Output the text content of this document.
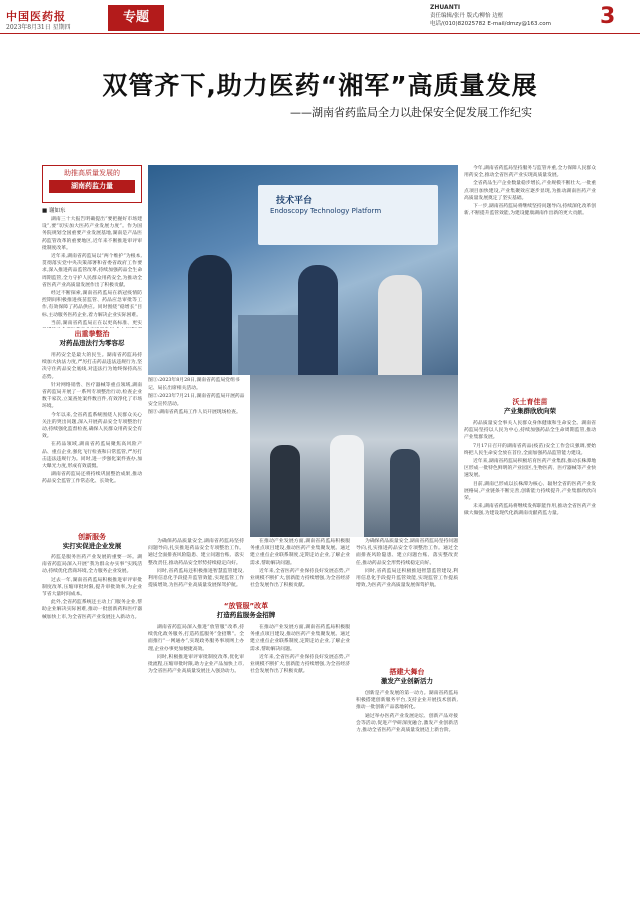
中国医药报
2023年8月31日 星期四
专题
ZHUANTI
责任编辑/张丹 版式/柳怡 边框
电话/(010)82025782 E-mail/dmzy@163.com 3
双管齐下,助力医药“湘军”高质量发展
——湖南省药监局全力以赴保安全促发展工作纪实
助推高质量发展的
湖南药监力量
■ 谢如东

湖南三十大报告明确提出“要把握好市场建设”,要“切实加大医药产业发展力度”。作为国务院规划全国重要产业发展基地,湖南是产品医药监管改革的重要地区,近年来不断推进审评审批制度改革。

近年来,湖南省药监局以“两个维护”为根本,贯彻落实党中央决策部署和省委省政府工作要求,深入推进药品监管改革,持续加强药品全生命周期监管,全力守护人民群众用药安全,为推动全省医药产业高质量发展作出了积极贡献。

经过不断探索,湖南省药监局在新冠疫情防控期间积极推进疫苗监管、药品应急审批等工作,有效保障了药品供应。同时围绕“稳增长”目标,主动服务医药企业,着力解决企业实际困难。

当前,湖南省药监局正在以更高标准、更实

出重拳整治
对药品违法行为零容忍

用药安全是最大的民生。湖南省药监局持续加大执法力度,严厉打击药品违法违规行为,坚决守住药品安全底线,对违法行为始终保持高压态势。

针对网络销售、医疗器械等重点领域,湖南省药监局开展了一系列专项整治行动,检查企业数千家次,立案查处案件数百件,有效净化了市场环境。

今年以来,全省药监系统围绕人民群众关心关注的突出问题,深入开展药品安全专项整治行动,持续强化监督检查,确保人民群众用药安全有效。

在药品领域,湖南省药监局聚焦高风险产品、重点企业,强化飞行检查和日常监管,严厉打击违法违规行为。同时,进一步强化案件查办,加大曝光力度,形成有效震慑。

湖南省药监局还将持续巩固整治成果,推动药品安全监管工作常态化、长效化。

创新服务
实打实促进企业发展

药监是服务医药产业发展的重要一环。湖南省药监局深入开展“我为群众办实事”实践活动,持续优化营商环境,全力服务企业发展。

过去一年,湖南省药监局积极推进审评审批制度改革,压缩审批时限,提升审批效率,为企业节省大量时间成本。

此外,全省药监系统还主动上门服务企业,帮助企业解决实际困难,推动一批创新药和医疗器械加快上市,为全省医药产业发展注入新动力。

技术平台
Endoscopy Technology Platform

图①:2023年8月28日,湖南省药监局党组书记、局长出席相关活动。

图②:2023年7月21日,湖南省药监局开展药品安全宣传活动。

图③:湖南省药监局工作人员开展现场检查。

为确保药品质量安全,湖南省药监局坚持问题导向,扎实推进药品安全专项整治工作。通过全面排查风险隐患、建立问题台账、落实整改责任,推动药品安全形势持续稳定向好。

同时,省药监局还积极推进智慧监管建设,利用信息化手段提升监管效能,实现监管工作提质增效,为医药产业高质量发展保驾护航。

在推动产业发展方面,湖南省药监局积极服务重点项目建设,推动医药产业集聚发展。通过建立重点企业联系制度,定期走访企业,了解企业需求,帮助解决问题。

近年来,全省医药产业保持良好发展态势,产业规模不断扩大,创新能力持续增强,为全省经济社会发展作出了积极贡献。

为确保药品质量安全,湖南省药监局坚持问题导向,扎实推进药品安全专项整治工作。通过全面排查风险隐患、建立问题台账、落实整改责任,推动药品安全形势持续稳定向好。

同时,省药监局还积极推进智慧监管建设,利用信息化手段提升监管效能,实现监管工作提质增效,为医药产业高质量发展保驾护航。

“放管服”改革
打造药监服务金招牌

湖南省药监局深入推进“放管服”改革,持续优化政务服务,打造药监服务“金招牌”。全面推行“一网通办”,实现政务服务事项网上办理,企业办事更加便捷高效。

同时,积极推进审评审批制度改革,优化审批流程,压缩审批时限,助力企业产品加快上市,为全省医药产业高质量发展注入强劲动力。

在推动产业发展方面,湖南省药监局积极服务重点项目建设,推动医药产业集聚发展。通过建立重点企业联系制度,定期走访企业,了解企业需求,帮助解决问题。

近年来,全省医药产业保持良好发展态势,产业规模不断扩大,创新能力持续增强,为全省经济社会发展作出了积极贡献。	搭建大舞台
激发产业创新活力

创新是产业发展的第一动力。湖南省药监局积极搭建创新服务平台,支持企业开展技术创新,推动一批创新产品落地转化。

通过举办医药产业发展论坛、创新产品对接会等活动,促进产学研深度融合,激发产业创新活力,推动全省医药产业高质量发展迈上新台阶。

今年,湖南省药监局坚持服务与监管并重,全力保障人民群众用药安全,推动全省医药产业实现高质量发展。

全省药品生产企业数量稳步增长,产业规模不断壮大,一批重点项目加快建设,产业集聚效应逐步显现,为推动湖南医药产业高质量发展奠定了坚实基础。

下一步,湖南省药监局将继续坚持问题导向,持续深化改革创新,不断提升监管效能,为建设健康湖南作出新的更大贡献。

沃土育佳苗
产业集群欣欣向荣

药品质量安全事关人民群众身体健康和生命安全。湖南省药监局坚持以人民为中心,持续加强药品全生命周期监管,推动产业集群发展。

7月17日召开的湖南省药品(疫苗)安全工作会议强调,要始终把人民生命安全放在首位,全面加强药品监管能力建设。

近年来,湖南省药监局积极培育医药产业集群,推动长株潭地区形成一批特色鲜明的产业园区,生物医药、医疗器械等产业快速发展。

目前,湖南已形成以长株潭为核心、辐射全省的医药产业发展格局,产业链条不断完善,创新能力持续提升,产业集群欣欣向荣。

未来,湖南省药监局将继续发挥职能作用,推动全省医药产业做大做强,为建设现代化新湖南贡献药监力量。
